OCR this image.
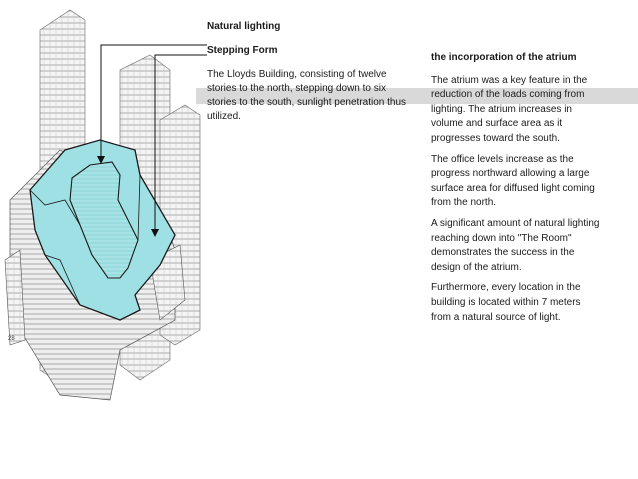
28

Natural lighting

Stepping Form

The Lloyds Building, consisting of twelve stories to the north, stepping down to six stories to the south, sunlight penetration thus utilized.

the incorporation of the atrium

The atrium was a key feature in the reduction of the loads coming from lighting. The atrium increases in volume and surface area as it progresses toward the south.

The office levels increase as the progress northward allowing a large surface area for diffused light coming from the north.

A significant amount of natural lighting reaching down into "The Room" demonstrates the success in the design of the atrium.

Furthermore, every location in the building is located within 7 meters from a natural source of light.
